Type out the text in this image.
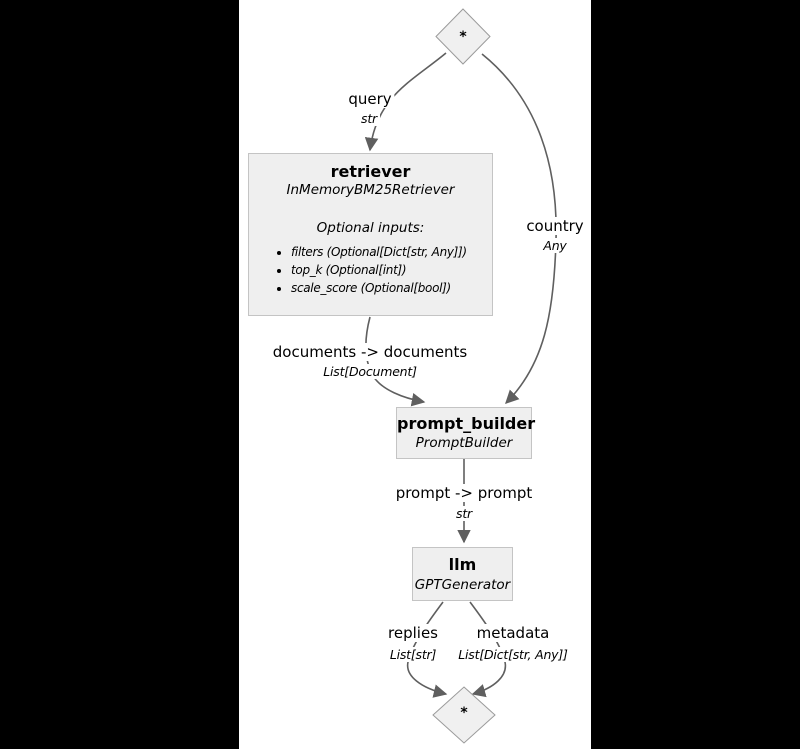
*
*
retriever
InMemoryBM25Retriever
Optional inputs:
• filters (Optional[Dict[str, Any]])
• top_k (Optional[int])
• scale_score (Optional[bool])
prompt_builder
PromptBuilder
llm
GPTGenerator
query
str
country
Any
documents -> documents
List[Document]
prompt -> prompt
str
replies
List[str]
metadata
List[Dict[str, Any]]
